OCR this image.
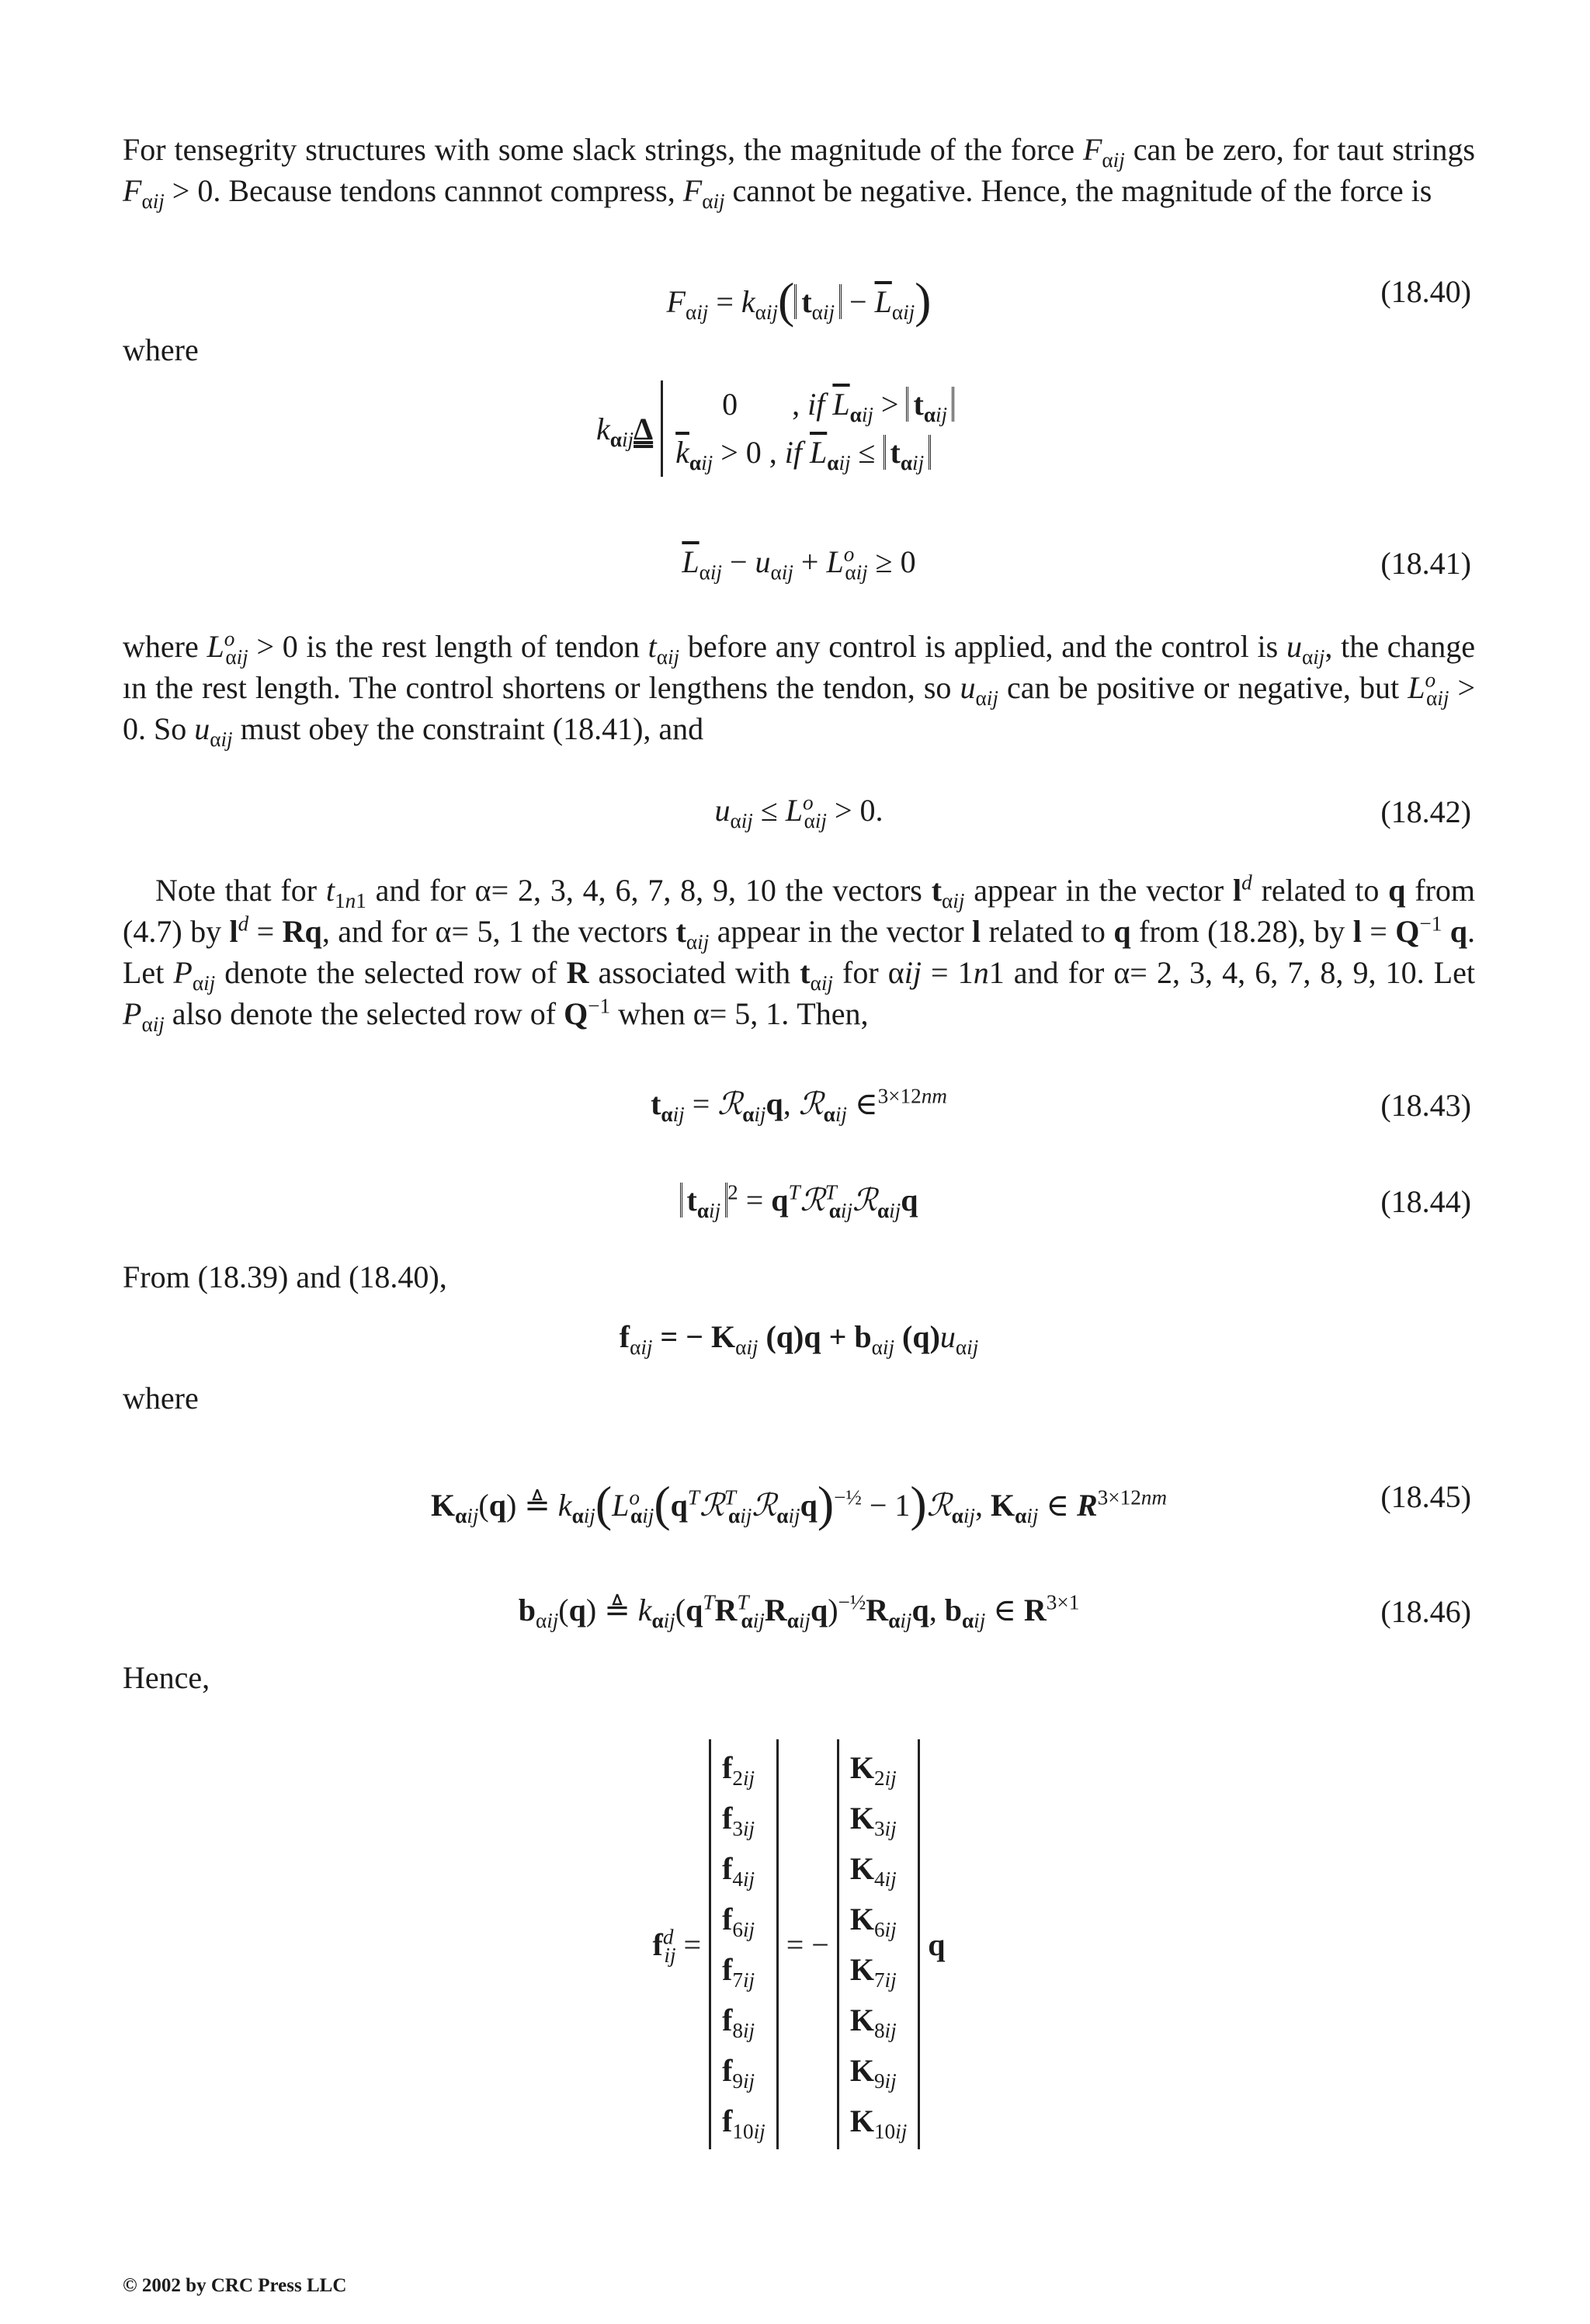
For tensegrity structures with some slack strings, the magnitude of the force $F_{\alpha ij}$ can be zero, for taut strings $F_{\alpha ij} > 0$. Because tendons cannnot compress, $F_{\alpha ij}$ cannot be negative. Hence, the magnitude of the force is
$F_{\alpha ij} = k_{\alpha ij}$( $t_{\alpha ij} - \overline{L}_{\alpha ij}$)	(18.40)
where
$k_{\alpha ij}\Delta$ 0 , if $\overline{L}_{\alpha ij} > t_{\alpha ij}$
$\overline{k}_{\alpha ij} > 0$ , if $\overline{L}_{\alpha ij} \le t_{\alpha ij}$
$\overline{L}_{\alpha ij} - u_{\alpha ij} + L^o_{\alpha ij} \ge 0$	(18.41)
where $L^o_{\alpha ij} > 0$ is the rest length of tendon $t_{\alpha ij}$ before any control is applied, and the control is $u_{\alpha ij}$, the change ın the rest length. The control shortens or lengthens the tendon, so $u_{\alpha ij}$ can be positive or negative, but $L^o_{\alpha ij} > 0$. So $u_{\alpha ij}$ must obey the constraint (18.41), and
$u_{\alpha ij} \le L^o_{\alpha ij} > 0$.	(18.42)
Note that for $t_{1n1}$ and for α= 2, 3, 4, 6, 7, 8, 9, 10 the vectors $t_{\alpha ij}$ appear in the vector $l^d$ related to q from (4.7) by $l^d = Rq$, and for α= 5, 1 the vectors $t_{\alpha ij}$ appear in the vector l related to q from (18.28), by $l = Q^{-1}$ q. Let $P_{\alpha ij}$ denote the selected row of R associated with $t_{\alpha ij}$ for αij = 1n1 and for α= 2, 3, 4, 6, 7, 8, 9, 10. Let $P_{\alpha ij}$ also denote the selected row of $Q^{-1}$ when α= 5, 1. Then,
$t_{\alpha ij}$ = ℛ$_{\alpha ij}$q, ℛ$_{\alpha ij}$ ∈$^{3\times 12nm}$	(18.43)
$t_{\alpha ij}^2$ = $q^Tℛ^T_{\alpha ij}ℛ_{\alpha ij}q$	(18.44)
From (18.39) and (18.40),
$f_{\alpha ij}$ = − $K_{\alpha ij}$ $(q)q + b_{\alpha ij}$ $(q)u_{\alpha ij}$
where
$K_{\alpha ij}(q)$ ≜ $k_{\alpha ij}(L^o_{\alpha ij}(q^Tℛ^T_{\alpha ij}ℛ_{\alpha ij}q)^{-\frac{1}{2}}$ − 1)ℛ$_{\alpha ij}$, $K_{\alpha ij}$ ∈ $R^{3\times 12nm}$	(18.45)
$b_{\alpha ij}(q)$ ≜ $k_{\alpha ij}(q^TR^T_{\alpha ij}R_{\alpha ij}q)^{-\frac{1}{2}}R_{\alpha ij}q$, $b_{\alpha ij}$ ∈ $R^{3\times 1}$	(18.46)
Hence,
$f^d_{ij} = f_{2ij}$
$f_{3ij}$
$f_{4ij}$
$f_{6ij}$
$f_{7ij}$
$f_{8ij}$
$f_{9ij}$
$f_{10ij}$ = − $K_{2ij}$
$K_{3ij}$
$K_{4ij}$
$K_{6ij}$
$K_{7ij}$
$K_{8ij}$
$K_{9ij}$
$K_{10ij}$ q
© 2002 by CRC Press LLC
